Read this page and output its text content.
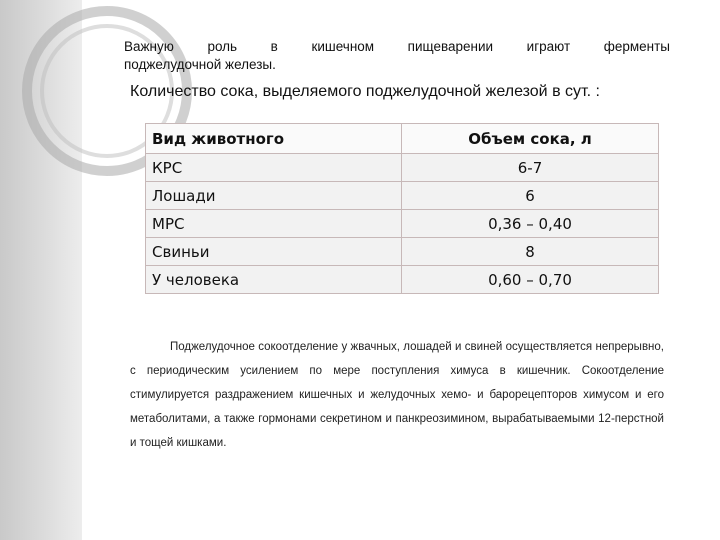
Важную роль в кишечном пищеварении играют ферменты
поджелудочной железы.
Количество сока, выделяемого поджелудочной железой в сут. :
Вид животного	Объем сока, л
КРС	6-7
Лошади	6
МРС	0,36 – 0,40
Свиньи	8
У человека	0,60 – 0,70
Поджелудочное сокоотделение у жвачных, лошадей и свиней осуществляется непрерывно, с периодическим усилением по мере поступления химуса в кишечник. Сокоотделение стимулируется раздражением кишечных и желудочных хемо- и барорецепторов химусом и его метаболитами, а также гормонами секретином и панкреозимином, вырабатываемыми 12-перстной и тощей кишками.
